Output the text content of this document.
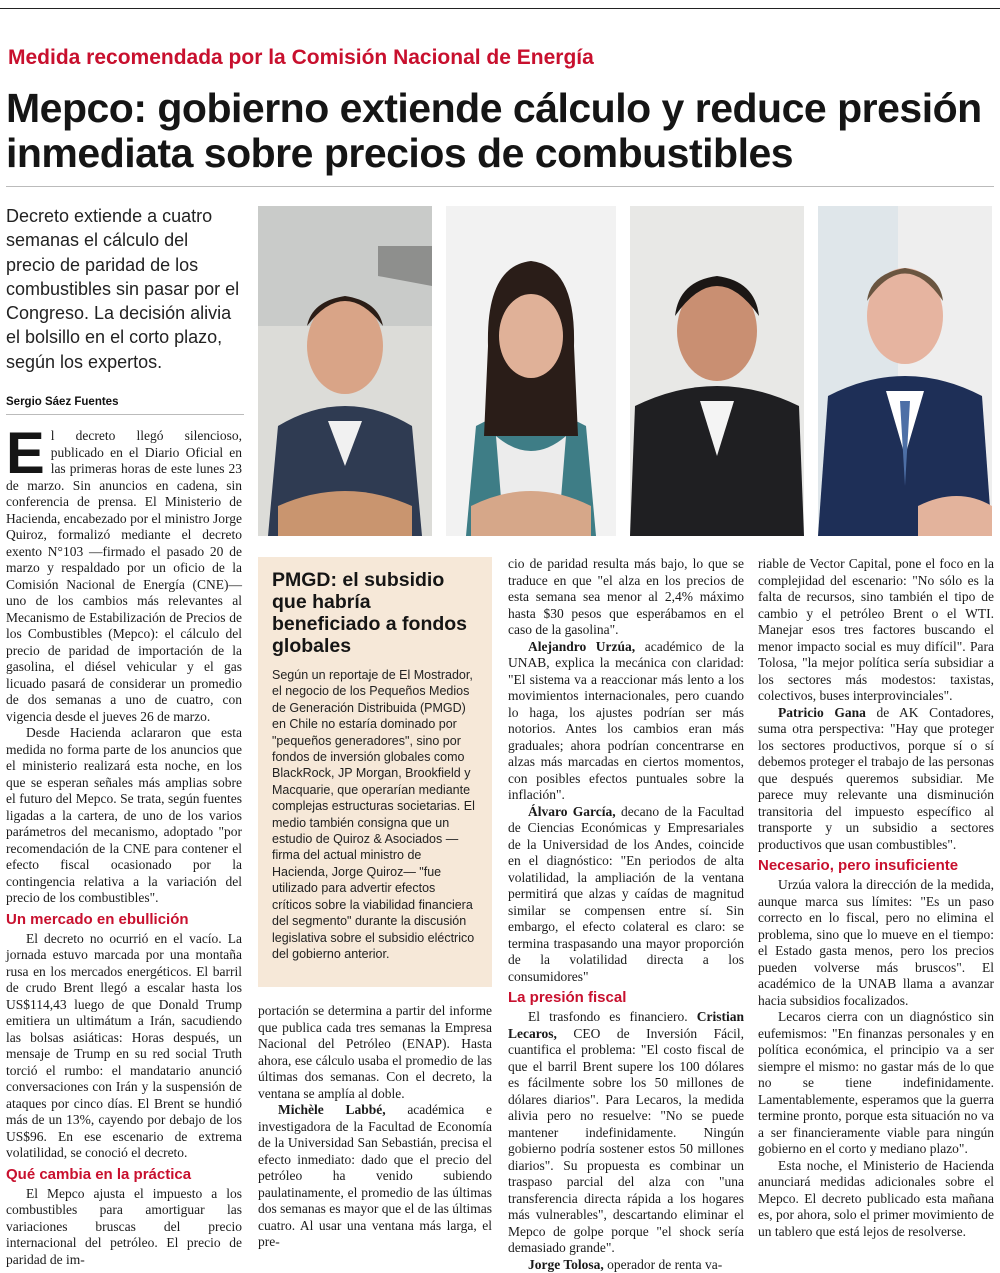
Medida recomendada por la Comisión Nacional de Energía
Mepco: gobierno extiende cálculo y reduce presión inmediata sobre precios de combustibles
Decreto extiende a cuatro semanas el cálculo del precio de paridad de los combustibles sin pasar por el Congreso. La decisión alivia el bolsillo en el corto plazo, según los expertos.
Sergio Sáez Fuentes

El decreto llegó silencioso, publicado en el Diario Oficial en las primeras horas de este lunes 23 de marzo. Sin anuncios en cadena, sin conferencia de prensa. El Ministerio de Hacienda, encabezado por el ministro Jorge Quiroz, formalizó mediante el decreto exento N°103 —firmado el pasado 20 de marzo y respaldado por un oficio de la Comisión Nacional de Energía (CNE)— uno de los cambios más relevantes al Mecanismo de Estabilización de Precios de los Combustibles (Mepco): el cálculo del precio de paridad de importación de la gasolina, el diésel vehicular y el gas licuado pasará de considerar un promedio de dos semanas a uno de cuatro, con vigencia desde el jueves 26 de marzo.

Desde Hacienda aclararon que esta medida no forma parte de los anuncios que el ministerio realizará esta noche, en los que se esperan señales más amplias sobre el futuro del Mepco. Se trata, según fuentes ligadas a la cartera, de uno de los varios parámetros del mecanismo, adoptado "por recomendación de la CNE para contener el efecto fiscal ocasionado por la contingencia relativa a la variación del precio de los combustibles".

Un mercado en ebullición

El decreto no ocurrió en el vacío. La jornada estuvo marcada por una montaña rusa en los mercados energéticos. El barril de crudo Brent llegó a escalar hasta los US$114,43 luego de que Donald Trump emitiera un ultimátum a Irán, sacudiendo las bolsas asiáticas: Horas después, un mensaje de Trump en su red social Truth torció el rumbo: el mandatario anunció conversaciones con Irán y la suspensión de ataques por cinco días. El Brent se hundió más de un 13%, cayendo por debajo de los US$96. En ese escenario de extrema volatilidad, se conoció el decreto.

Qué cambia en la práctica

El Mepco ajusta el impuesto a los combustibles para amortiguar las variaciones bruscas del precio internacional del petróleo. El precio de paridad de im-

PMGD: el subsidio que habría beneficiado a fondos globales
Según un reportaje de El Mostrador, el negocio de los Pequeños Medios de Generación Distribuida (PMGD) en Chile no estaría dominado por "pequeños generadores", sino por fondos de inversión globales como BlackRock, JP Morgan, Brookfield y Macquarie, que operarían mediante complejas estructuras societarias. El medio también consigna que un estudio de Quiroz & Asociados —firma del actual ministro de Hacienda, Jorge Quiroz— "fue utilizado para advertir efectos críticos sobre la viabilidad financiera del segmento" durante la discusión legislativa sobre el subsidio eléctrico del gobierno anterior.

portación se determina a partir del informe que publica cada tres semanas la Empresa Nacional del Petróleo (ENAP). Hasta ahora, ese cálculo usaba el promedio de las últimas dos semanas. Con el decreto, la ventana se amplía al doble.

Michèle Labbé, académica e investigadora de la Facultad de Economía de la Universidad San Sebastián, precisa el efecto inmediato: dado que el precio del petróleo ha venido subiendo paulatinamente, el promedio de las últimas dos semanas es mayor que el de las últimas cuatro. Al usar una ventana más larga, el pre-

cio de paridad resulta más bajo, lo que se traduce en que "el alza en los precios de esta semana sea menor al 2,4% máximo hasta $30 pesos que esperábamos en el caso de la gasolina".

Alejandro Urzúa, académico de la UNAB, explica la mecánica con claridad: "El sistema va a reaccionar más lento a los movimientos internacionales, pero cuando lo haga, los ajustes podrían ser más notorios. Antes los cambios eran más graduales; ahora podrían concentrarse en alzas más marcadas en ciertos momentos, con posibles efectos puntuales sobre la inflación".

Álvaro García, decano de la Facultad de Ciencias Económicas y Empresariales de la Universidad de los Andes, coincide en el diagnóstico: "En periodos de alta volatilidad, la ampliación de la ventana permitirá que alzas y caídas de magnitud similar se compensen entre sí. Sin embargo, el efecto colateral es claro: se termina traspasando una mayor proporción de la volatilidad directa a los consumidores"

La presión fiscal

El trasfondo es financiero. Cristian Lecaros, CEO de Inversión Fácil, cuantifica el problema: "El costo fiscal de que el barril Brent supere los 100 dólares es fácilmente sobre los 50 millones de dólares diarios". Para Lecaros, la medida alivia pero no resuelve: "No se puede mantener indefinidamente. Ningún gobierno podría sostener estos 50 millones diarios". Su propuesta es combinar un traspaso parcial del alza con "una transferencia directa rápida a los hogares más vulnerables", descartando eliminar el Mepco de golpe porque "el shock sería demasiado grande".

Jorge Tolosa, operador de renta va-

riable de Vector Capital, pone el foco en la complejidad del escenario: "No sólo es la falta de recursos, sino también el tipo de cambio y el petróleo Brent o el WTI. Manejar esos tres factores buscando el menor impacto social es muy difícil". Para Tolosa, "la mejor política sería subsidiar a los sectores más modestos: taxistas, colectivos, buses interprovinciales".

Patricio Gana de AK Contadores, suma otra perspectiva: "Hay que proteger los sectores productivos, porque sí o sí debemos proteger el trabajo de las personas que después queremos subsidiar. Me parece muy relevante una disminución transitoria del impuesto específico al transporte y un subsidio a sectores productivos que usan combustibles".

Necesario, pero insuficiente

Urzúa valora la dirección de la medida, aunque marca sus límites: "Es un paso correcto en lo fiscal, pero no elimina el problema, sino que lo mueve en el tiempo: el Estado gasta menos, pero los precios pueden volverse más bruscos". El académico de la UNAB llama a avanzar hacia subsidios focalizados.

Lecaros cierra con un diagnóstico sin eufemismos: "En finanzas personales y en política económica, el principio va a ser siempre el mismo: no gastar más de lo que no se tiene indefinidamente. Lamentablemente, esperamos que la guerra termine pronto, porque esta situación no va a ser financieramente viable para ningún gobierno en el corto y mediano plazo".

Esta noche, el Ministerio de Hacienda anunciará medidas adicionales sobre el Mepco. El decreto publicado esta mañana es, por ahora, solo el primer movimiento de un tablero que está lejos de resolverse.
